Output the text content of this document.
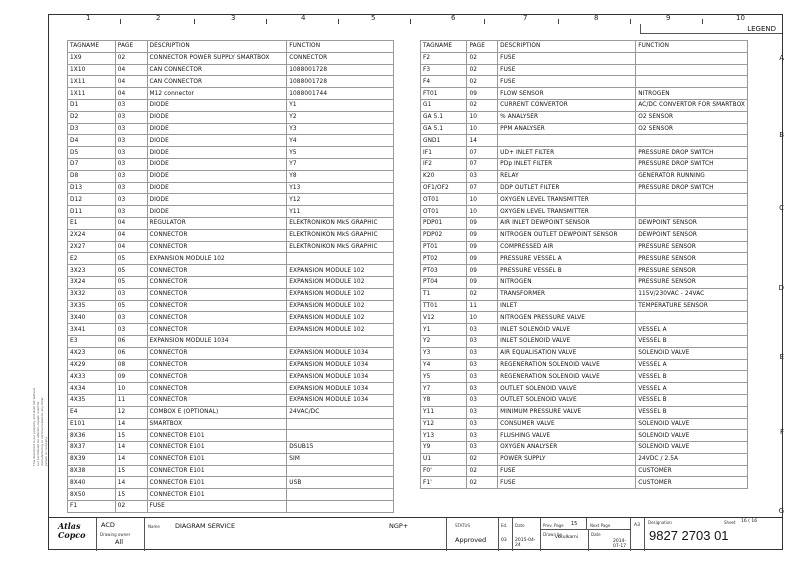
1	2	3	4	5	6	7	8	9	10
A
B
C
D
E
F
G
LEGEND
This document is our property and shall not without our permission be altered, copied, used for manufacturing or communicated to any other person or company.
TAGNAME	PAGE	DESCRIPTION	FUNCTION
1X9	02	CONNECTOR POWER SUPPLY SMARTBOX	CONNECTOR
1X10	04	CAN CONNECTOR	1088001728
1X11	04	CAN CONNECTOR	1088001728
1X11	04	M12 connector	1088001744
D1	03	DIODE	Y1
D2	03	DIODE	Y2
D3	03	DIODE	Y3
D4	03	DIODE	Y4
D5	03	DIODE	Y5
D7	03	DIODE	Y7
D8	03	DIODE	Y8
D13	03	DIODE	Y13
D12	03	DIODE	Y12
D11	03	DIODE	Y11
E1	04	REGULATOR	ELEKTRONIKON MkS GRAPHIC
2X24	04	CONNECTOR	ELEKTRONIKON MkS GRAPHIC
2X27	04	CONNECTOR	ELEKTRONIKON MkS GRAPHIC
E2	05	EXPANSION MODULE 102	
3X23	05	CONNECTOR	EXPANSION MODULE 102
3X24	05	CONNECTOR	EXPANSION MODULE 102
3X32	03	CONNECTOR	EXPANSION MODULE 102
3X35	05	CONNECTOR	EXPANSION MODULE 102
3X40	03	CONNECTOR	EXPANSION MODULE 102
3X41	03	CONNECTOR	EXPANSION MODULE 102
E3	06	EXPANSION MODULE 1034	
4X23	06	CONNECTOR	EXPANSION MODULE 1034
4X29	08	CONNECTOR	EXPANSION MODULE 1034
4X33	09	CONNECTOR	EXPANSION MODULE 1034
4X34	10	CONNECTOR	EXPANSION MODULE 1034
4X35	11	CONNECTOR	EXPANSION MODULE 1034
E4	12	COMBOX E (OPTIONAL)	24VAC/DC
E101	14	SMARTBOX	
8X36	15	CONNECTOR E101	
8X37	14	CONNECTOR E101	DSUB15
8X39	14	CONNECTOR E101	SIM
8X38	15	CONNECTOR E101	
8X40	14	CONNECTOR E101	USB
8X50	15	CONNECTOR E101	
F1	02	FUSE	
TAGNAME	PAGE	DESCRIPTION	FUNCTION
F2	02	FUSE	
F3	02	FUSE	
F4	02	FUSE	
FT01	09	FLOW SENSOR	NITROGEN
G1	02	CURRENT CONVERTOR	AC/DC CONVERTOR FOR SMARTBOX
GA 5.1	10	% ANALYSER	O2 SENSOR
GA 5.1	10	PPM ANALYSER	O2 SENSOR
GND1	14		
IF1	07	UD+ INLET FILTER	PRESSURE DROP SWITCH
IF2	07	PDp INLET FILTER	PRESSURE DROP SWITCH
K20	03	RELAY	GENERATOR RUNNING
OF1/OF2	07	DDP OUTLET FILTER	PRESSURE DROP SWITCH
OT01	10	OXYGEN LEVEL TRANSMITTER	
OT01	10	OXYGEN LEVEL TRANSMITTER	
PDP01	09	AIR INLET DEWPOINT SENSOR	DEWPOINT SENSOR
PDP02	09	NITROGEN OUTLET DEWPOINT SENSOR	DEWPOINT SENSOR
PT01	09	COMPRESSED AIR	PRESSURE SENSOR
PT02	09	PRESSURE VESSEL A	PRESSURE SENSOR
PT03	09	PRESSURE VESSEL B	PRESSURE SENSOR
PT04	09	NITROGEN	PRESSURE SENSOR
T1	02	TRANSFORMER	115V/230VAC - 24VAC
TT01	11	INLET	TEMPERATURE SENSOR
V12	10	NITROGEN PRESSURE VALVE	
Y1	03	INLET SOLENOID VALVE	VESSEL A
Y2	03	INLET SOLENOID VALVE	VESSEL B
Y3	03	AIR EQUALISATION VALVE	SOLENOID VALVE
Y4	03	REGENERATION SOLENOID VALVE	VESSEL A
Y5	03	REGENERATION SOLENOID VALVE	VESSEL B
Y7	03	OUTLET SOLENOID VALVE	VESSEL A
Y8	03	OUTLET SOLENOID VALVE	VESSEL B
Y11	03	MINIMUM PRESSURE VALVE	VESSEL B
Y12	03	CONSUMER VALVE	SOLENOID VALVE
Y13	03	FLUSHING VALVE	SOLENOID VALVE
Y9	03	OXYGEN ANALYSER	SOLENOID VALVE
U1	02	POWER SUPPLY	24VDC / 2.5A
F0'	02	FUSE	CUSTOMER
F1'	02	FUSE	CUSTOMER
Atlas Copco
ACD
Drawing owner
All
Name DIAGRAM SERVICE	NGP+	STATUS
Approved
Ed.
03
Date
2015-04-24
Prev. Page 15	Next Page
Drawn by
vkkulkarni
Date
2014-07-17
A3
Designation
9827 2703 01
Sheet 16 ( 16
